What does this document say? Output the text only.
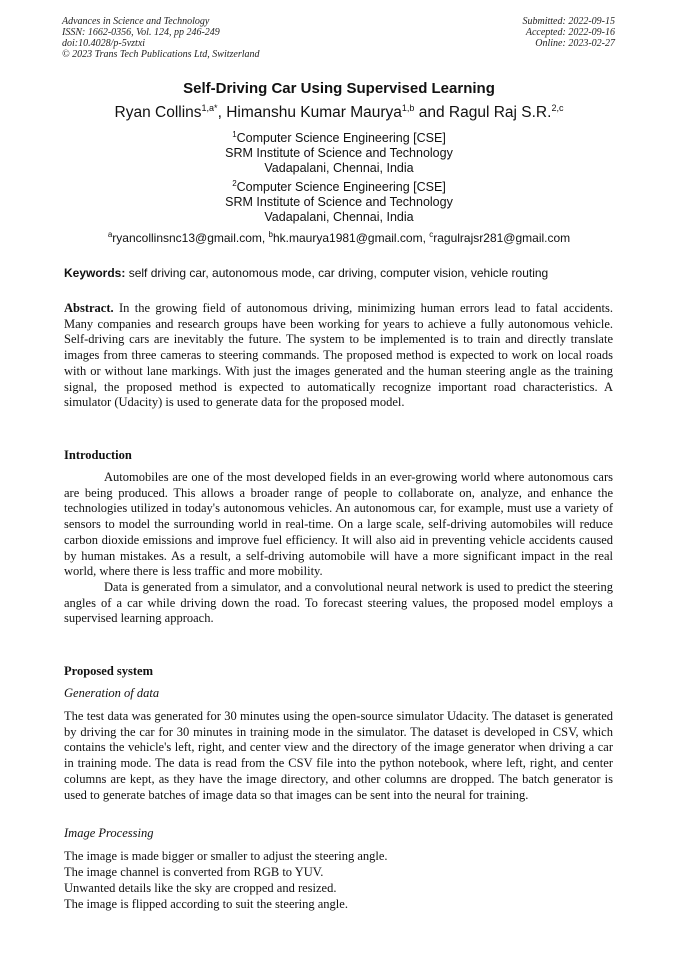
Advances in Science and Technology
ISSN: 1662-0356, Vol. 124, pp 246-249
doi:10.4028/p-5vztxi
© 2023 Trans Tech Publications Ltd, Switzerland
Submitted: 2022-09-15
Accepted: 2022-09-16
Online: 2023-02-27
Self-Driving Car Using Supervised Learning
Ryan Collins$^{1,a*}$, Himanshu Kumar Maurya$^{1,b}$ and Ragul Raj S.R.$^{2,c}$
$^1$Computer Science Engineering [CSE]
SRM Institute of Science and Technology
Vadapalani, Chennai, India
$^2$Computer Science Engineering [CSE]
SRM Institute of Science and Technology
Vadapalani, Chennai, India
$^a$ryancollinsnc13@gmail.com, $^b$hk.maurya1981@gmail.com, $^c$ragulrajsr281@gmail.com
Keywords: self driving car, autonomous mode, car driving, computer vision, vehicle routing
Abstract. In the growing field of autonomous driving, minimizing human errors lead to fatal accidents. Many companies and research groups have been working for years to achieve a fully autonomous vehicle. Self-driving cars are inevitably the future. The system to be implemented is to train and directly translate images from three cameras to steering commands. The proposed method is expected to work on local roads with or without lane markings. With just the images generated and the human steering angle as the training signal, the proposed method is expected to automatically recognize important road characteristics. A simulator (Udacity) is used to generate data for the proposed model.
Introduction

Automobiles are one of the most developed fields in an ever-growing world where autonomous cars are being produced. This allows a broader range of people to collaborate on, analyze, and enhance the technologies utilized in today's autonomous vehicles. An autonomous car, for example, must use a variety of sensors to model the surrounding world in real-time. On a large scale, self-driving automobiles will reduce carbon dioxide emissions and improve fuel efficiency. It will also aid in preventing vehicle accidents caused by human mistakes. As a result, a self-driving automobile will have a more significant impact in the real world, where there is less traffic and more mobility.

Data is generated from a simulator, and a convolutional neural network is used to predict the steering angles of a car while driving down the road. To forecast steering values, the proposed model employs a supervised learning approach.

Proposed system
Generation of data
The test data was generated for 30 minutes using the open-source simulator Udacity. The dataset is generated by driving the car for 30 minutes in training mode in the simulator. The dataset is developed in CSV, which contains the vehicle's left, right, and center view and the directory of the image generator when driving a car in training mode. The data is read from the CSV file into the python notebook, where left, right, and center columns are kept, as they have the image directory, and other columns are dropped. The batch generator is used to generate batches of image data so that images can be sent into the neural for training.
Image Processing
The image is made bigger or smaller to adjust the steering angle.
The image channel is converted from RGB to YUV.
Unwanted details like the sky are cropped and resized.
The image is flipped according to suit the steering angle.
